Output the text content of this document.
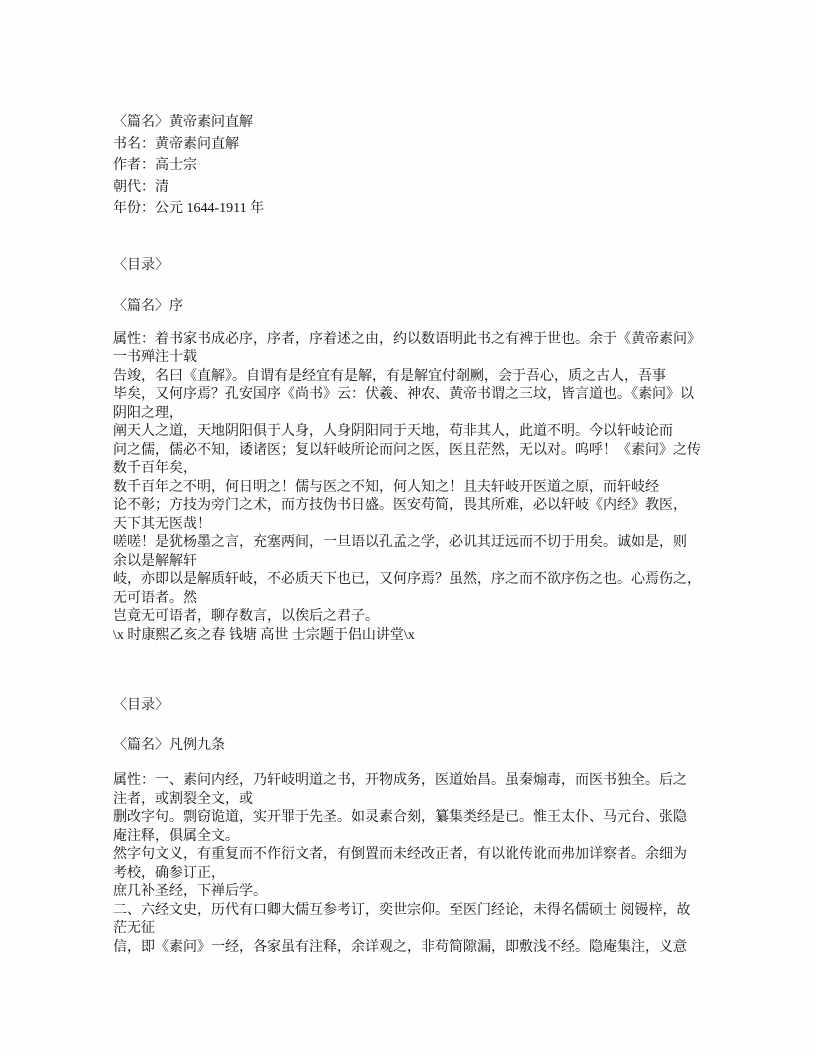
〈篇名〉黄帝素问直解
书名：黄帝素问直解
作者：高士宗
朝代：清
年份：公元 1644-1911 年
〈目录〉
〈篇名〉序
属性：着书家书成必序，序者，序着述之由，约以数语明此书之有裨于世也。余于《黄帝素问》
一书殚注十载
告竣，名曰《直解》。自谓有是经宜有是解，有是解宜付剞劂，会于吾心，质之古人，吾事
毕矣，又何序焉？孔安国序《尚书》云：伏羲、神农、黄帝书谓之三坟，皆言道也。《素问》以
阴阳之理，
阐天人之道，天地阴阳俱于人身，人身阴阳同于天地，苟非其人，此道不明。今以轩岐论而
问之儒，儒必不知，诿诸医；复以轩岐所论而问之医，医且茫然，无以对。呜呼！《素问》之传
数千百年矣，
数千百年之不明，何日明之！儒与医之不知，何人知之！且夫轩岐开医道之原，而轩岐经
论不彰；方技为旁门之术，而方技伪书日盛。医安苟简，畏其所难，必以轩岐《内经》教医，
天下其无医哉！
嗟嗟！是犹杨墨之言，充塞两间，一旦语以孔孟之学，必讥其迂远而不切于用矣。诚如是，则
余以是解解轩
岐，亦即以是解质轩岐，不必质天下也已，又何序焉？虽然，序之而不欲序伤之也。心焉伤之，
无可语者。然
岂竟无可语者，聊存数言，以俟后之君子。
\x 时康熙乙亥之春 钱塘 高世 士宗题于侣山讲堂\x
〈目录〉
〈篇名〉凡例九条
属性：一、素问内经，乃轩岐明道之书，开物成务，医道始昌。虽秦煽毒，而医书独全。后之
注者，或割裂全文，或
删改字句。剽窃诡道，实开罪于先圣。如灵素合刻，纂集类经是已。惟王太仆、马元台、张隐
庵注释，俱属全文。
然字句文义，有重复而不作衍文者，有倒置而未经改正者，有以讹传讹而弗加详察者。余细为
考校，确参订正，
庶几补圣经，下禅后学。
二、六经文史，历代有口卿大儒互参考订，奕世宗仰。至医门经论，未得名儒硕士 阅镘梓，故
茫无征
信，即《素问》一经，各家虽有注释，余详观之，非苟简隙漏，即敷浅不经。隐庵集注，义意
